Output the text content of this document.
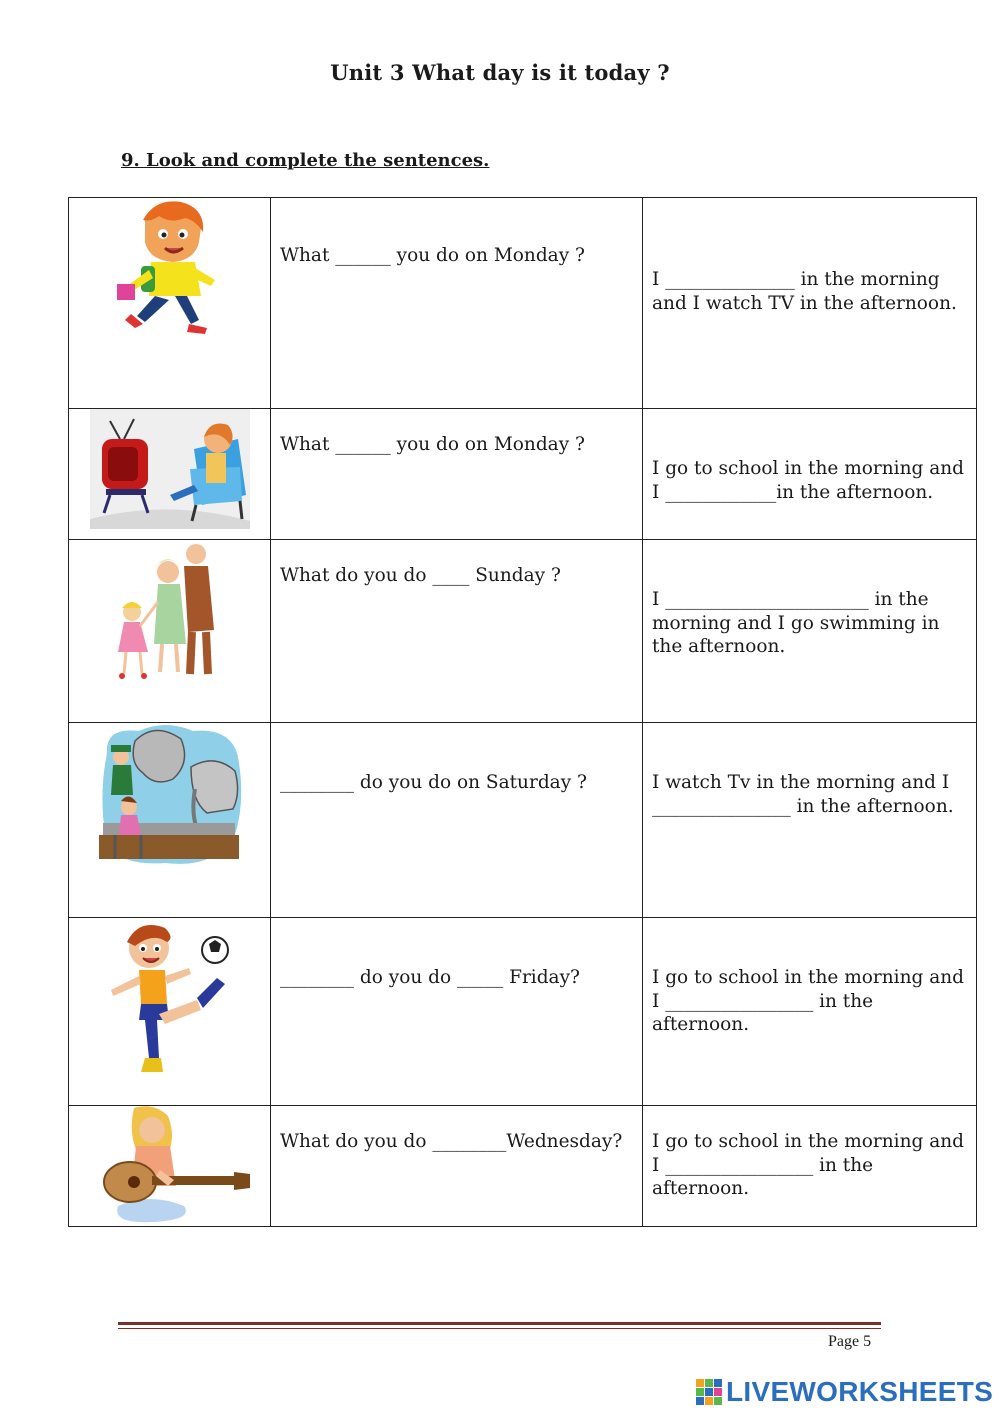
Unit 3 What day is it today ?
9. Look and complete the sentences.

What ______ you do on Monday ?	I ______________ in the morning and I watch TV in the afternoon.

What ______ you do on Monday ?	I go to school in the morning and I ____________in the afternoon.

What do you do ____ Sunday ?	I ______________________ in the morning and I go swimming in the afternoon.

________ do you do on Saturday ?	I watch Tv in the morning and I _______________ in the afternoon.

________ do you do _____ Friday?	I go to school in the morning and I ________________ in the afternoon.

What do you do ________Wednesday?	I go to school in the morning and I ________________ in the afternoon.
Page 5
LIVEWORKSHEETS
